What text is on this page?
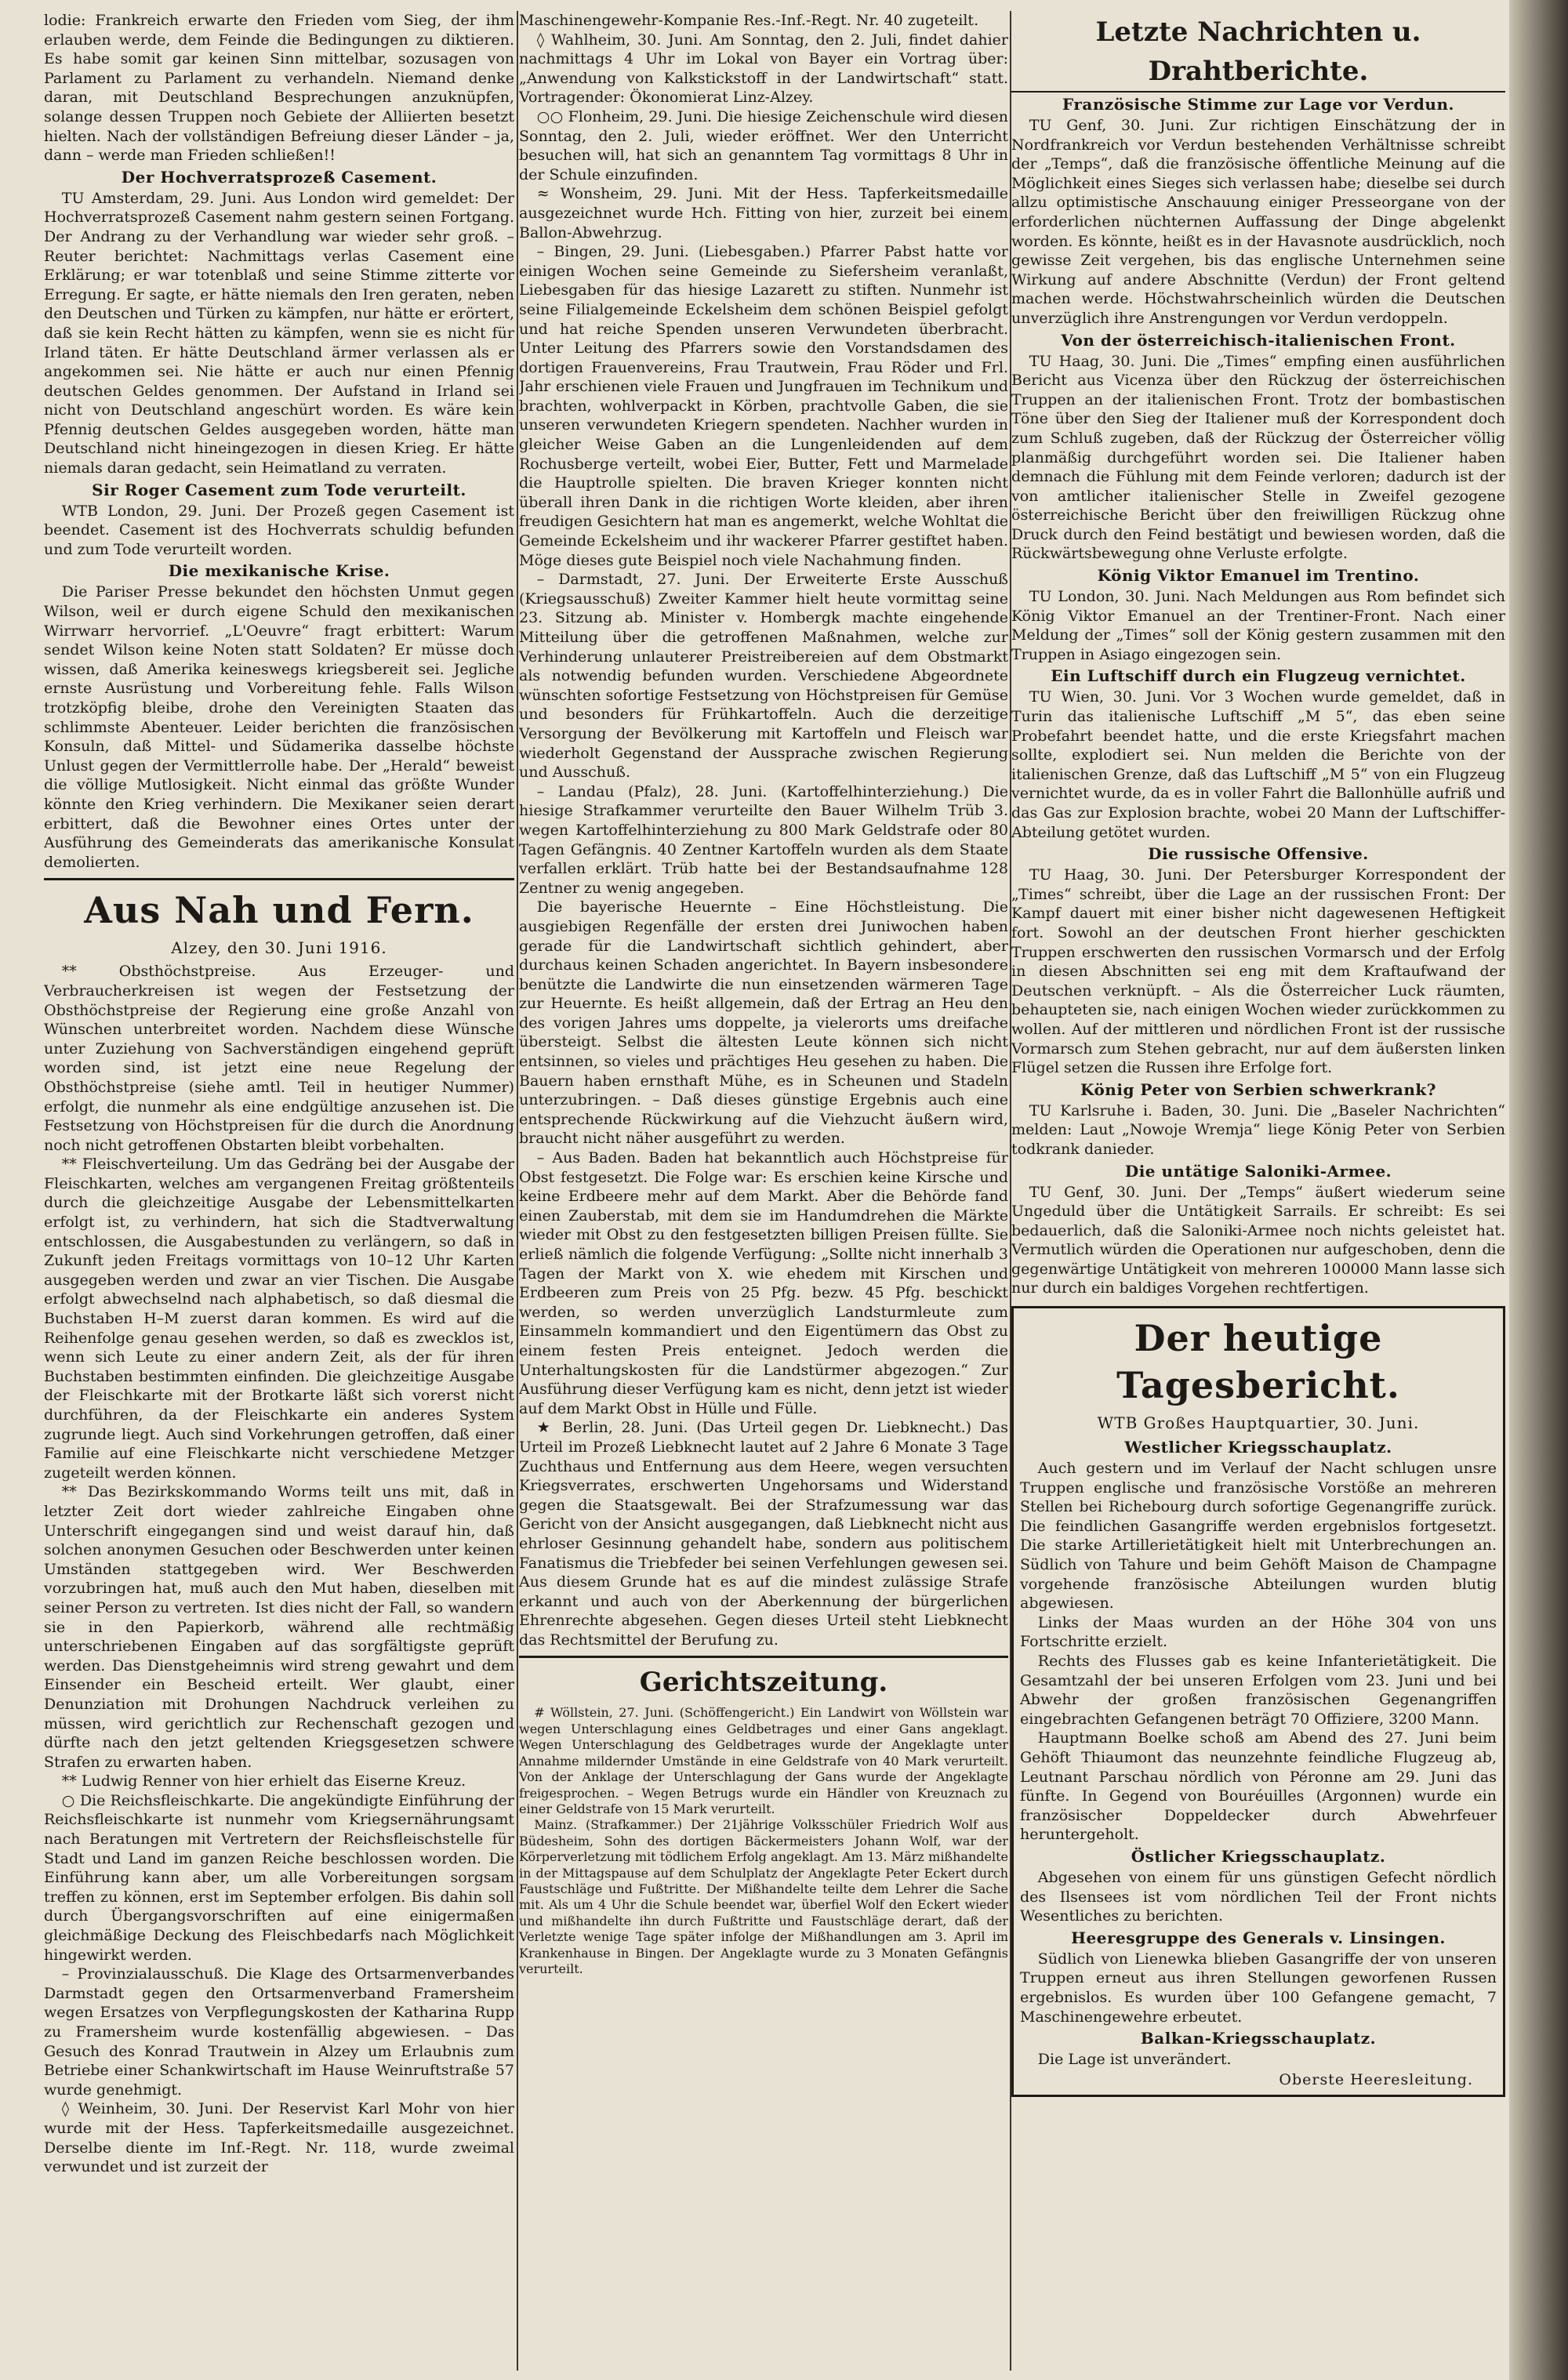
lodie: Frankreich erwarte den Frieden vom Sieg, der ihm erlauben werde, dem Feinde die Bedingungen zu diktieren. Es habe somit gar keinen Sinn mittelbar, sozusagen von Parlament zu Parlament zu verhandeln. Niemand denke daran, mit Deutschland Besprechungen anzuknüpfen, solange dessen Truppen noch Gebiete der Alliierten besetzt hielten. Nach der vollständigen Befreiung dieser Länder – ja, dann – werde man Frieden schließen!!

Der Hochverratsprozeß Casement.

TU Amsterdam, 29. Juni. Aus London wird gemeldet: Der Hochverratsprozeß Casement nahm gestern seinen Fortgang. Der Andrang zu der Verhandlung war wieder sehr groß. – Reuter berichtet: Nachmittags verlas Casement eine Erklärung; er war totenblaß und seine Stimme zitterte vor Erregung. Er sagte, er hätte niemals den Iren geraten, neben den Deutschen und Türken zu kämpfen, nur hätte er erörtert, daß sie kein Recht hätten zu kämpfen, wenn sie es nicht für Irland täten. Er hätte Deutschland ärmer verlassen als er angekommen sei. Nie hätte er auch nur einen Pfennig deutschen Geldes genommen. Der Aufstand in Irland sei nicht von Deutschland angeschürt worden. Es wäre kein Pfennig deutschen Geldes ausgegeben worden, hätte man Deutschland nicht hineingezogen in diesen Krieg. Er hätte niemals daran gedacht, sein Heimatland zu verraten.

Sir Roger Casement zum Tode verurteilt.

WTB London, 29. Juni. Der Prozeß gegen Casement ist beendet. Casement ist des Hochverrats schuldig befunden und zum Tode verurteilt worden.

Die mexikanische Krise.

Die Pariser Presse bekundet den höchsten Unmut gegen Wilson, weil er durch eigene Schuld den mexikanischen Wirrwarr hervorrief. „L'Oeuvre“ fragt erbittert: Warum sendet Wilson keine Noten statt Soldaten? Er müsse doch wissen, daß Amerika keineswegs kriegsbereit sei. Jegliche ernste Ausrüstung und Vorbereitung fehle. Falls Wilson trotzköpfig bleibe, drohe den Vereinigten Staaten das schlimmste Abenteuer. Leider berichten die französischen Konsuln, daß Mittel- und Südamerika dasselbe höchste Unlust gegen der Vermittlerrolle habe. Der „Herald“ beweist die völlige Mutlosigkeit. Nicht einmal das größte Wunder könnte den Krieg verhindern. Die Mexikaner seien derart erbittert, daß die Bewohner eines Ortes unter der Ausführung des Gemeinderats das amerikanische Konsulat demolierten.

Aus Nah und Fern.
Alzey, den 30. Juni 1916.

** Obsthöchstpreise. Aus Erzeuger- und Verbraucherkreisen ist wegen der Festsetzung der Obsthöchstpreise der Regierung eine große Anzahl von Wünschen unterbreitet worden. Nachdem diese Wünsche unter Zuziehung von Sachverständigen eingehend geprüft worden sind, ist jetzt eine neue Regelung der Obsthöchstpreise (siehe amtl. Teil in heutiger Nummer) erfolgt, die nunmehr als eine endgültige anzusehen ist. Die Festsetzung von Höchstpreisen für die durch die Anordnung noch nicht getroffenen Obstarten bleibt vorbehalten.

** Fleischverteilung. Um das Gedräng bei der Ausgabe der Fleischkarten, welches am vergangenen Freitag größtenteils durch die gleichzeitige Ausgabe der Lebensmittelkarten erfolgt ist, zu verhindern, hat sich die Stadtverwaltung entschlossen, die Ausgabestunden zu verlängern, so daß in Zukunft jeden Freitags vormittags von 10–12 Uhr Karten ausgegeben werden und zwar an vier Tischen. Die Ausgabe erfolgt abwechselnd nach alphabetisch, so daß diesmal die Buchstaben H–M zuerst daran kommen. Es wird auf die Reihenfolge genau gesehen werden, so daß es zwecklos ist, wenn sich Leute zu einer andern Zeit, als der für ihren Buchstaben bestimmten einfinden. Die gleichzeitige Ausgabe der Fleischkarte mit der Brotkarte läßt sich vorerst nicht durchführen, da der Fleischkarte ein anderes System zugrunde liegt. Auch sind Vorkehrungen getroffen, daß einer Familie auf eine Fleischkarte nicht verschiedene Metzger zugeteilt werden können.

** Das Bezirkskommando Worms teilt uns mit, daß in letzter Zeit dort wieder zahlreiche Eingaben ohne Unterschrift eingegangen sind und weist darauf hin, daß solchen anonymen Gesuchen oder Beschwerden unter keinen Umständen stattgegeben wird. Wer Beschwerden vorzubringen hat, muß auch den Mut haben, dieselben mit seiner Person zu vertreten. Ist dies nicht der Fall, so wandern sie in den Papierkorb, während alle rechtmäßig unterschriebenen Eingaben auf das sorgfältigste geprüft werden. Das Dienstgeheimnis wird streng gewahrt und dem Einsender ein Bescheid erteilt. Wer glaubt, einer Denunziation mit Drohungen Nachdruck verleihen zu müssen, wird gerichtlich zur Rechenschaft gezogen und dürfte nach den jetzt geltenden Kriegsgesetzen schwere Strafen zu erwarten haben.

** Ludwig Renner von hier erhielt das Eiserne Kreuz.

○ Die Reichsfleischkarte. Die angekündigte Einführung der Reichsfleischkarte ist nunmehr vom Kriegsernährungsamt nach Beratungen mit Vertretern der Reichsfleischstelle für Stadt und Land im ganzen Reiche beschlossen worden. Die Einführung kann aber, um alle Vorbereitungen sorgsam treffen zu können, erst im September erfolgen. Bis dahin soll durch Übergangsvorschriften auf eine einigermaßen gleichmäßige Deckung des Fleischbedarfs nach Möglichkeit hingewirkt werden.

– Provinzialausschuß. Die Klage des Ortsarmenverbandes Darmstadt gegen den Ortsarmenverband Framersheim wegen Ersatzes von Verpflegungskosten der Katharina Rupp zu Framersheim wurde kostenfällig abgewiesen. – Das Gesuch des Konrad Trautwein in Alzey um Erlaubnis zum Betriebe einer Schankwirtschaft im Hause Weinruftstraße 57 wurde genehmigt.

◊ Weinheim, 30. Juni. Der Reservist Karl Mohr von hier wurde mit der Hess. Tapferkeitsmedaille ausgezeichnet. Derselbe diente im Inf.-Regt. Nr. 118, wurde zweimal verwundet und ist zurzeit der

Maschinengewehr-Kompanie Res.-Inf.-Regt. Nr. 40 zugeteilt.

◊ Wahlheim, 30. Juni. Am Sonntag, den 2. Juli, findet dahier nachmittags 4 Uhr im Lokal von Bayer ein Vortrag über: „Anwendung von Kalkstickstoff in der Landwirtschaft“ statt. Vortragender: Ökonomierat Linz-Alzey.

○○ Flonheim, 29. Juni. Die hiesige Zeichenschule wird diesen Sonntag, den 2. Juli, wieder eröffnet. Wer den Unterricht besuchen will, hat sich an genanntem Tag vormittags 8 Uhr in der Schule einzufinden.

≈ Wonsheim, 29. Juni. Mit der Hess. Tapferkeitsmedaille ausgezeichnet wurde Hch. Fitting von hier, zurzeit bei einem Ballon-Abwehrzug.

– Bingen, 29. Juni. (Liebesgaben.) Pfarrer Pabst hatte vor einigen Wochen seine Gemeinde zu Siefersheim veranlaßt, Liebesgaben für das hiesige Lazarett zu stiften. Nunmehr ist seine Filialgemeinde Eckelsheim dem schönen Beispiel gefolgt und hat reiche Spenden unseren Verwundeten überbracht. Unter Leitung des Pfarrers sowie den Vorstandsdamen des dortigen Frauenvereins, Frau Trautwein, Frau Röder und Frl. Jahr erschienen viele Frauen und Jungfrauen im Technikum und brachten, wohlverpackt in Körben, prachtvolle Gaben, die sie unseren verwundeten Kriegern spendeten. Nachher wurden in gleicher Weise Gaben an die Lungenleidenden auf dem Rochusberge verteilt, wobei Eier, Butter, Fett und Marmelade die Hauptrolle spielten. Die braven Krieger konnten nicht überall ihren Dank in die richtigen Worte kleiden, aber ihren freudigen Gesichtern hat man es angemerkt, welche Wohltat die Gemeinde Eckelsheim und ihr wackerer Pfarrer gestiftet haben. Möge dieses gute Beispiel noch viele Nachahmung finden.

– Darmstadt, 27. Juni. Der Erweiterte Erste Ausschuß (Kriegsausschuß) Zweiter Kammer hielt heute vormittag seine 23. Sitzung ab. Minister v. Hombergk machte eingehende Mitteilung über die getroffenen Maßnahmen, welche zur Verhinderung unlauterer Preistreibereien auf dem Obstmarkt als notwendig befunden wurden. Verschiedene Abgeordnete wünschten sofortige Festsetzung von Höchstpreisen für Gemüse und besonders für Frühkartoffeln. Auch die derzeitige Versorgung der Bevölkerung mit Kartoffeln und Fleisch war wiederholt Gegenstand der Aussprache zwischen Regierung und Ausschuß.

– Landau (Pfalz), 28. Juni. (Kartoffelhinterziehung.) Die hiesige Strafkammer verurteilte den Bauer Wilhelm Trüb 3. wegen Kartoffelhinterziehung zu 800 Mark Geldstrafe oder 80 Tagen Gefängnis. 40 Zentner Kartoffeln wurden als dem Staate verfallen erklärt. Trüb hatte bei der Bestandsaufnahme 128 Zentner zu wenig angegeben.

Die bayerische Heuernte – Eine Höchstleistung. Die ausgiebigen Regenfälle der ersten drei Juniwochen haben gerade für die Landwirtschaft sichtlich gehindert, aber durchaus keinen Schaden angerichtet. In Bayern insbesondere benützte die Landwirte die nun einsetzenden wärmeren Tage zur Heuernte. Es heißt allgemein, daß der Ertrag an Heu den des vorigen Jahres ums doppelte, ja vielerorts ums dreifache übersteigt. Selbst die ältesten Leute können sich nicht entsinnen, so vieles und prächtiges Heu gesehen zu haben. Die Bauern haben ernsthaft Mühe, es in Scheunen und Stadeln unterzubringen. – Daß dieses günstige Ergebnis auch eine entsprechende Rückwirkung auf die Viehzucht äußern wird, braucht nicht näher ausgeführt zu werden.

– Aus Baden. Baden hat bekanntlich auch Höchstpreise für Obst festgesetzt. Die Folge war: Es erschien keine Kirsche und keine Erdbeere mehr auf dem Markt. Aber die Behörde fand einen Zauberstab, mit dem sie im Handumdrehen die Märkte wieder mit Obst zu den festgesetzten billigen Preisen füllte. Sie erließ nämlich die folgende Verfügung: „Sollte nicht innerhalb 3 Tagen der Markt von X. wie ehedem mit Kirschen und Erdbeeren zum Preis von 25 Pfg. bezw. 45 Pfg. beschickt werden, so werden unverzüglich Landsturmleute zum Einsammeln kommandiert und den Eigentümern das Obst zu einem festen Preis enteignet. Jedoch werden die Unterhaltungskosten für die Landstürmer abgezogen.“ Zur Ausführung dieser Verfügung kam es nicht, denn jetzt ist wieder auf dem Markt Obst in Hülle und Fülle.

★ Berlin, 28. Juni. (Das Urteil gegen Dr. Liebknecht.) Das Urteil im Prozeß Liebknecht lautet auf 2 Jahre 6 Monate 3 Tage Zuchthaus und Entfernung aus dem Heere, wegen versuchten Kriegsverrates, erschwerten Ungehorsams und Widerstand gegen die Staatsgewalt. Bei der Strafzumessung war das Gericht von der Ansicht ausgegangen, daß Liebknecht nicht aus ehrloser Gesinnung gehandelt habe, sondern aus politischem Fanatismus die Triebfeder bei seinen Verfehlungen gewesen sei. Aus diesem Grunde hat es auf die mindest zulässige Strafe erkannt und auch von der Aberkennung der bürgerlichen Ehrenrechte abgesehen. Gegen dieses Urteil steht Liebknecht das Rechtsmittel der Berufung zu.

Gerichtszeitung.

# Wöllstein, 27. Juni. (Schöffengericht.) Ein Landwirt von Wöllstein war wegen Unterschlagung eines Geldbetrages und einer Gans angeklagt. Wegen Unterschlagung des Geldbetrages wurde der Angeklagte unter Annahme mildernder Umstände in eine Geldstrafe von 40 Mark verurteilt. Von der Anklage der Unterschlagung der Gans wurde der Angeklagte freigesprochen. – Wegen Betrugs wurde ein Händler von Kreuznach zu einer Geldstrafe von 15 Mark verurteilt.

Mainz. (Strafkammer.) Der 21jährige Volksschüler Friedrich Wolf aus Büdesheim, Sohn des dortigen Bäckermeisters Johann Wolf, war der Körperverletzung mit tödlichem Erfolg angeklagt. Am 13. März mißhandelte in der Mittagspause auf dem Schulplatz der Angeklagte Peter Eckert durch Faustschläge und Fußtritte. Der Mißhandelte teilte dem Lehrer die Sache mit. Als um 4 Uhr die Schule beendet war, überfiel Wolf den Eckert wieder und mißhandelte ihn durch Fußtritte und Faustschläge derart, daß der Verletzte wenige Tage später infolge der Mißhandlungen am 3. April im Krankenhause in Bingen. Der Angeklagte wurde zu 3 Monaten Gefängnis verurteilt.

Letzte Nachrichten u. Drahtberichte.
Französische Stimme zur Lage vor Verdun.

TU Genf, 30. Juni. Zur richtigen Einschätzung der in Nordfrankreich vor Verdun bestehenden Verhältnisse schreibt der „Temps“, daß die französische öffentliche Meinung auf die Möglichkeit eines Sieges sich verlassen habe; dieselbe sei durch allzu optimistische Anschauung einiger Presseorgane von der erforderlichen nüchternen Auffassung der Dinge abgelenkt worden. Es könnte, heißt es in der Havasnote ausdrücklich, noch gewisse Zeit vergehen, bis das englische Unternehmen seine Wirkung auf andere Abschnitte (Verdun) der Front geltend machen werde. Höchstwahrscheinlich würden die Deutschen unverzüglich ihre Anstrengungen vor Verdun verdoppeln.

Von der österreichisch-italienischen Front.

TU Haag, 30. Juni. Die „Times“ empfing einen ausführlichen Bericht aus Vicenza über den Rückzug der österreichischen Truppen an der italienischen Front. Trotz der bombastischen Töne über den Sieg der Italiener muß der Korrespondent doch zum Schluß zugeben, daß der Rückzug der Österreicher völlig planmäßig durchgeführt worden sei. Die Italiener haben demnach die Fühlung mit dem Feinde verloren; dadurch ist der von amtlicher italienischer Stelle in Zweifel gezogene österreichische Bericht über den freiwilligen Rückzug ohne Druck durch den Feind bestätigt und bewiesen worden, daß die Rückwärtsbewegung ohne Verluste erfolgte.

König Viktor Emanuel im Trentino.

TU London, 30. Juni. Nach Meldungen aus Rom befindet sich König Viktor Emanuel an der Trentiner-Front. Nach einer Meldung der „Times“ soll der König gestern zusammen mit den Truppen in Asiago eingezogen sein.

Ein Luftschiff durch ein Flugzeug vernichtet.

TU Wien, 30. Juni. Vor 3 Wochen wurde gemeldet, daß in Turin das italienische Luftschiff „M 5“, das eben seine Probefahrt beendet hatte, und die erste Kriegsfahrt machen sollte, explodiert sei. Nun melden die Berichte von der italienischen Grenze, daß das Luftschiff „M 5“ von ein Flugzeug vernichtet wurde, da es in voller Fahrt die Ballonhülle aufriß und das Gas zur Explosion brachte, wobei 20 Mann der Luftschiffer-Abteilung getötet wurden.

Die russische Offensive.

TU Haag, 30. Juni. Der Petersburger Korrespondent der „Times“ schreibt, über die Lage an der russischen Front: Der Kampf dauert mit einer bisher nicht dagewesenen Heftigkeit fort. Sowohl an der deutschen Front hierher geschickten Truppen erschwerten den russischen Vormarsch und der Erfolg in diesen Abschnitten sei eng mit dem Kraftaufwand der Deutschen verknüpft. – Als die Österreicher Luck räumten, behaupteten sie, nach einigen Wochen wieder zurückkommen zu wollen. Auf der mittleren und nördlichen Front ist der russische Vormarsch zum Stehen gebracht, nur auf dem äußersten linken Flügel setzen die Russen ihre Erfolge fort.

König Peter von Serbien schwerkrank?

TU Karlsruhe i. Baden, 30. Juni. Die „Baseler Nachrichten“ melden: Laut „Nowoje Wremja“ liege König Peter von Serbien todkrank danieder.

Die untätige Saloniki-Armee.

TU Genf, 30. Juni. Der „Temps“ äußert wiederum seine Ungeduld über die Untätigkeit Sarrails. Er schreibt: Es sei bedauerlich, daß die Saloniki-Armee noch nichts geleistet hat. Vermutlich würden die Operationen nur aufgeschoben, denn die gegenwärtige Untätigkeit von mehreren 100000 Mann lasse sich nur durch ein baldiges Vorgehen rechtfertigen.

Der heutige Tagesbericht.
WTB Großes Hauptquartier, 30. Juni.
Westlicher Kriegsschauplatz.

Auch gestern und im Verlauf der Nacht schlugen unsre Truppen englische und französische Vorstöße an mehreren Stellen bei Richebourg durch sofortige Gegenangriffe zurück. Die feindlichen Gasangriffe werden ergebnislos fortgesetzt. Die starke Artillerietätigkeit hielt mit Unterbrechungen an. Südlich von Tahure und beim Gehöft Maison de Champagne vorgehende französische Abteilungen wurden blutig abgewiesen.

Links der Maas wurden an der Höhe 304 von uns Fortschritte erzielt.

Rechts des Flusses gab es keine Infanterietätigkeit. Die Gesamtzahl der bei unseren Erfolgen vom 23. Juni und bei Abwehr der großen französischen Gegenangriffen eingebrachten Gefangenen beträgt 70 Offiziere, 3200 Mann.

Hauptmann Boelke schoß am Abend des 27. Juni beim Gehöft Thiaumont das neunzehnte feindliche Flugzeug ab, Leutnant Parschau nördlich von Péronne am 29. Juni das fünfte. In Gegend von Bouréuilles (Argonnen) wurde ein französischer Doppeldecker durch Abwehrfeuer heruntergeholt.

Östlicher Kriegsschauplatz.

Abgesehen von einem für uns günstigen Gefecht nördlich des Ilsensees ist vom nördlichen Teil der Front nichts Wesentliches zu berichten.

Heeresgruppe des Generals v. Linsingen.

Südlich von Lienewka blieben Gasangriffe der von unseren Truppen erneut aus ihren Stellungen geworfenen Russen ergebnislos. Es wurden über 100 Gefangene gemacht, 7 Maschinengewehre erbeutet.

Balkan-Kriegsschauplatz.

Die Lage ist unverändert.

Oberste Heeresleitung.
